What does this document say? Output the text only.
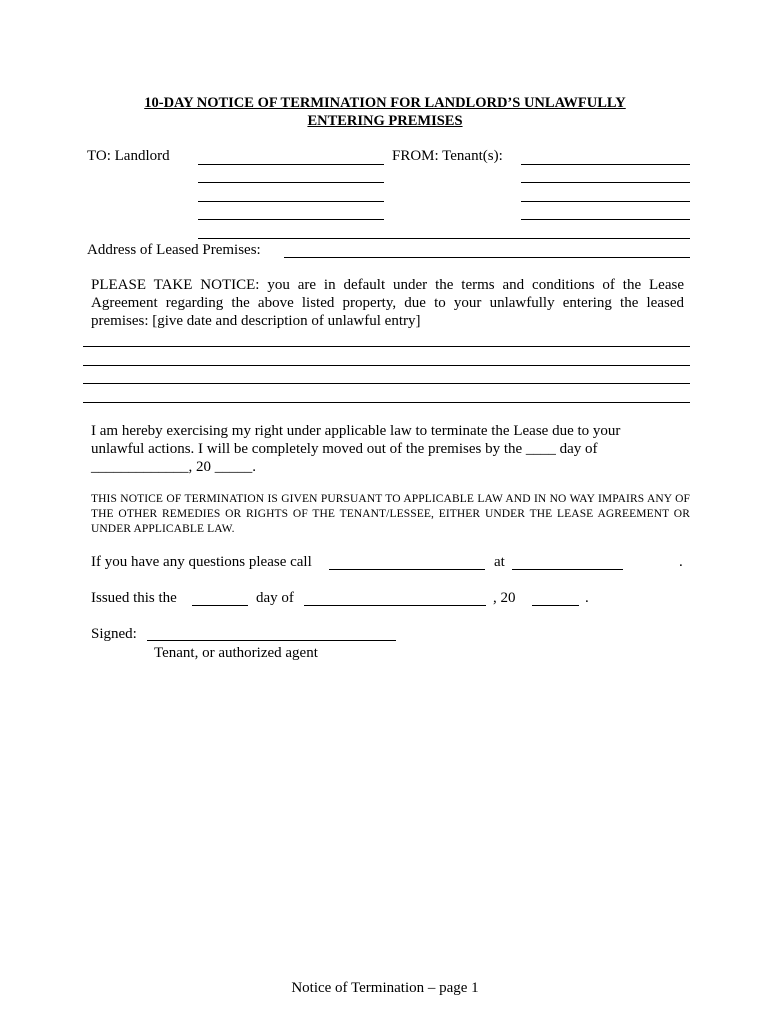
10-DAY NOTICE OF TERMINATION FOR LANDLORD’S UNLAWFULLY
ENTERING PREMISES
TO: Landlord	FROM: Tenant(s):
Address of Leased Premises:
PLEASE TAKE NOTICE: you are in default under the terms and conditions of the Lease Agreement regarding the above listed property, due to your unlawfully entering the leased premises: [give date and description of unlawful entry]
I am hereby exercising my right under applicable law to terminate the Lease due to your
unlawful actions. I will be completely moved out of the premises by the ____ day of
_____________, 20 _____.
THIS NOTICE OF TERMINATION IS GIVEN PURSUANT TO APPLICABLE LAW AND IN NO WAY IMPAIRS ANY OF THE OTHER REMEDIES OR RIGHTS OF THE TENANT/LESSEE, EITHER UNDER THE LEASE AGREEMENT OR UNDER APPLICABLE LAW.
If you have any questions please call	at	.
Issued this the	day of	, 20	.
Signed:
Tenant, or authorized agent
Notice of Termination – page 1
